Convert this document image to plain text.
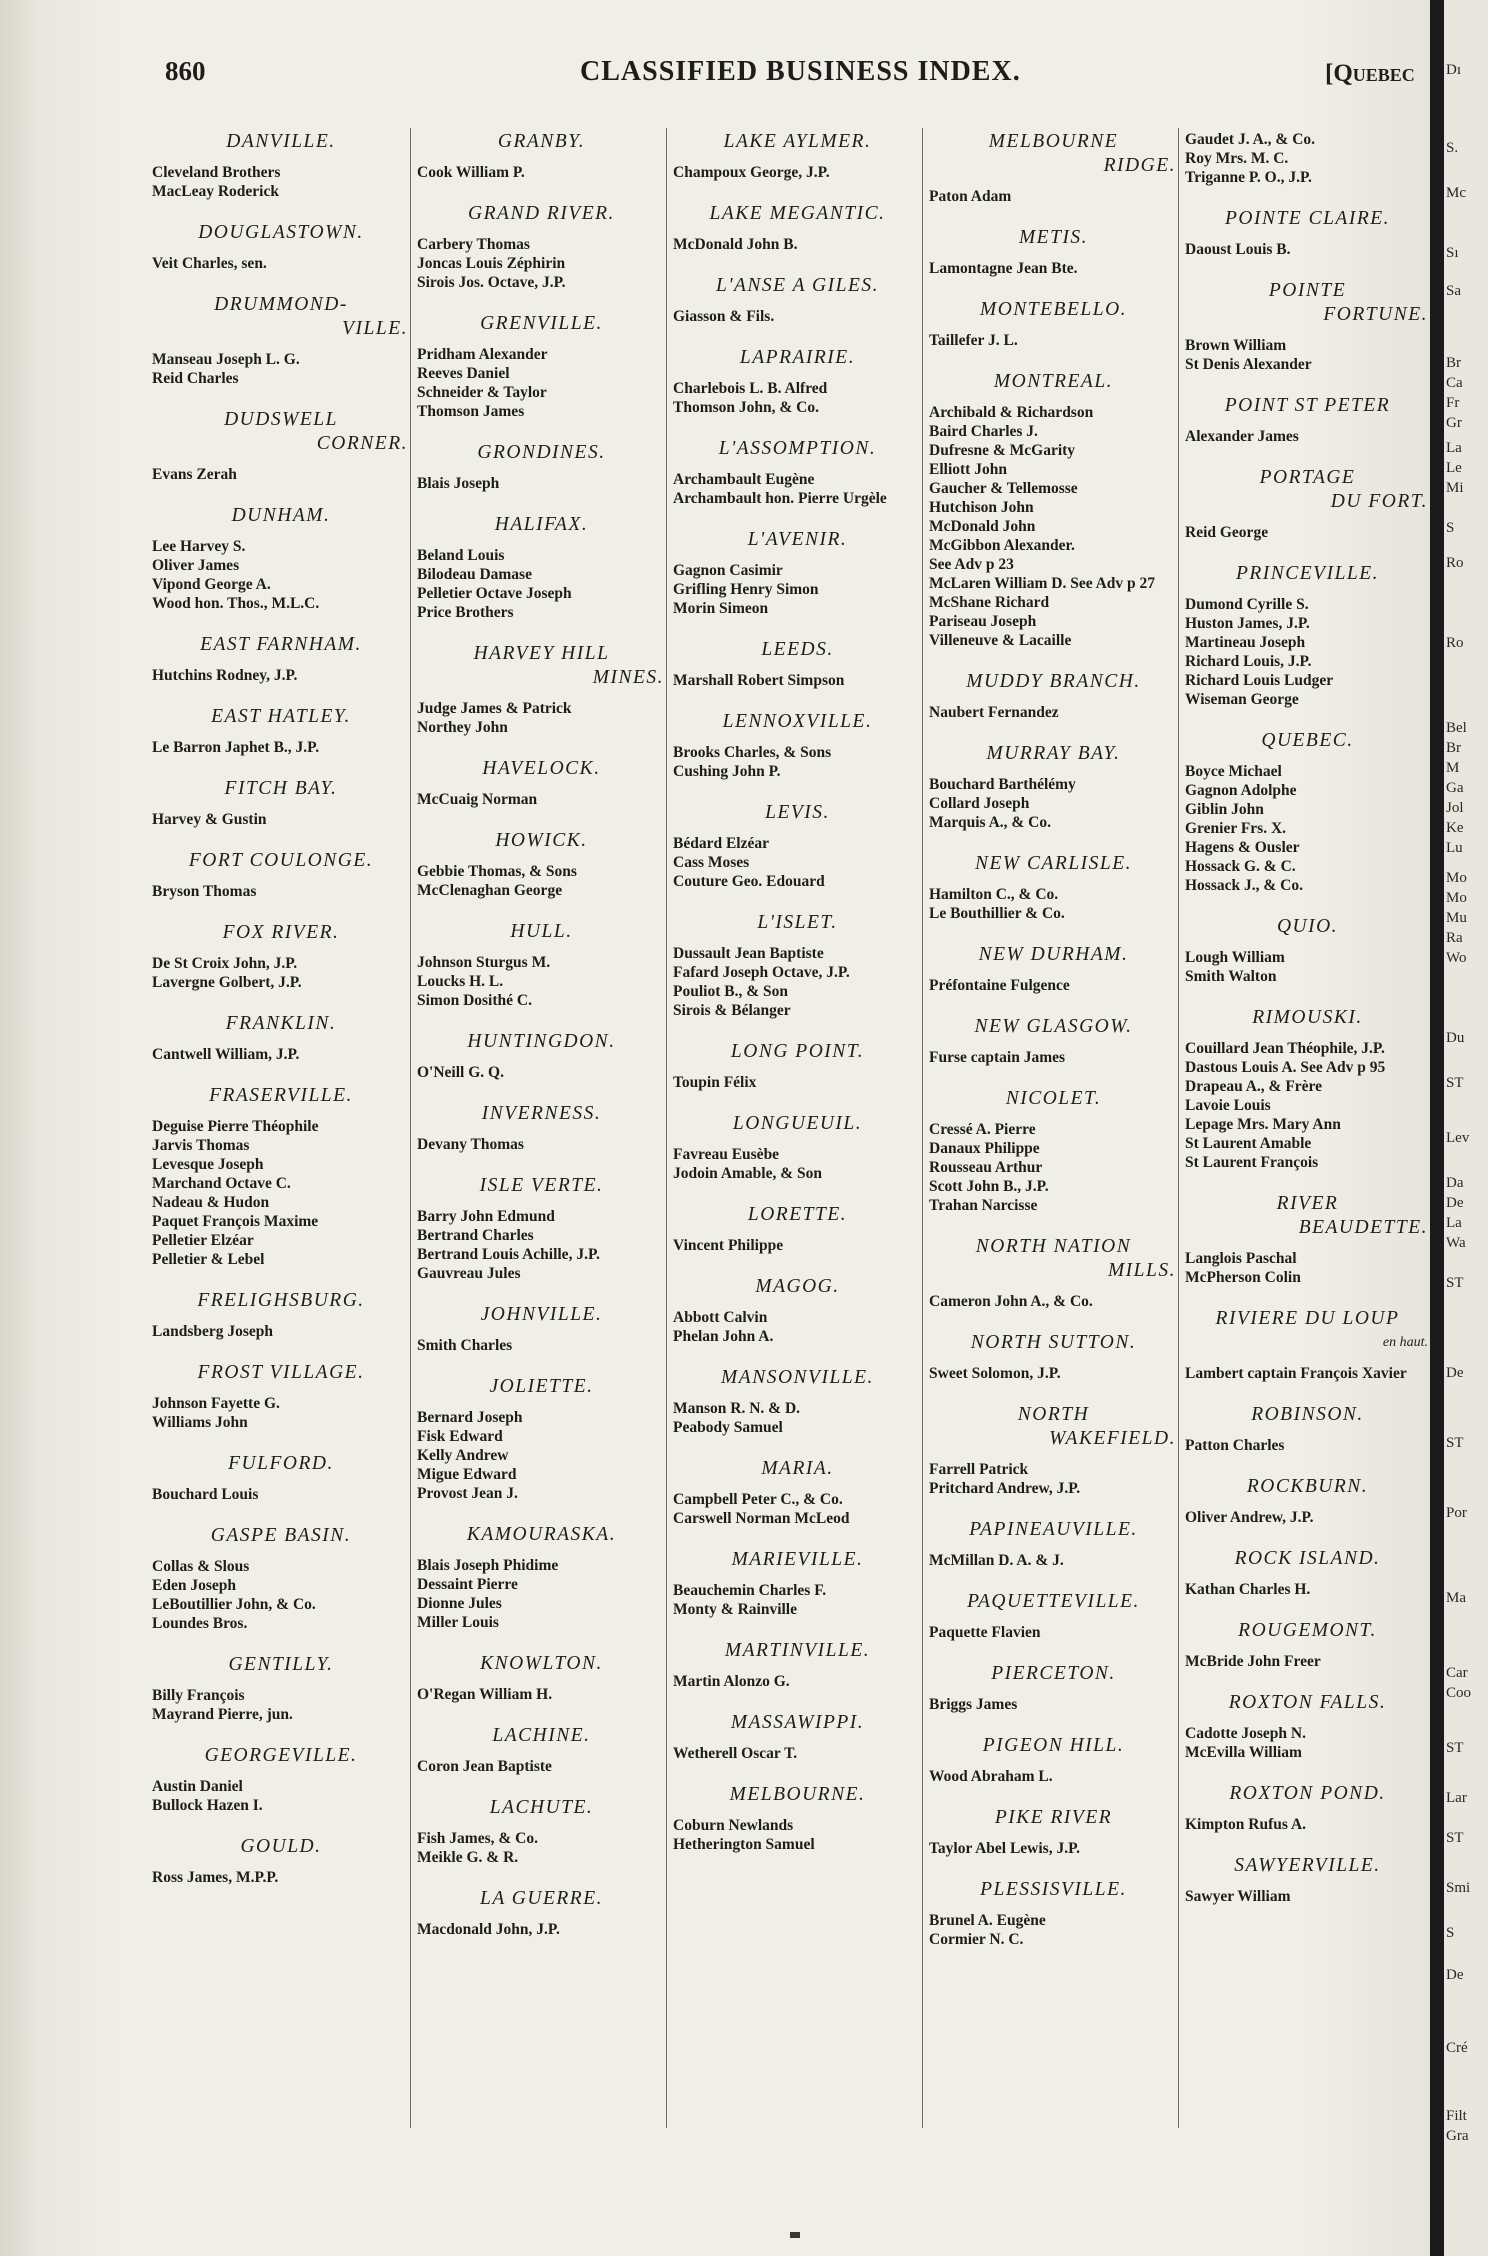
860	CLASSIFIED BUSINESS INDEX.	[Quebec
DANVILLE.
Cleveland Brothers
MacLeay Roderick
DOUGLASTOWN.
Veit Charles, sen.
DRUMMOND-
VILLE.
Manseau Joseph L. G.
Reid Charles
DUDSWELL
CORNER.
Evans Zerah
DUNHAM.
Lee Harvey S.
Oliver James
Vipond George A.
Wood hon. Thos., M.L.C.
EAST FARNHAM.
Hutchins Rodney, J.P.
EAST HATLEY.
Le Barron Japhet B., J.P.
FITCH BAY.
Harvey & Gustin
FORT COULONGE.
Bryson Thomas
FOX RIVER.
De St Croix John, J.P.
Lavergne Golbert, J.P.
FRANKLIN.
Cantwell William, J.P.
FRASERVILLE.
Deguise Pierre Théophile
Jarvis Thomas
Levesque Joseph
Marchand Octave C.
Nadeau & Hudon
Paquet François Maxime
Pelletier Elzéar
Pelletier & Lebel
FRELIGHSBURG.
Landsberg Joseph
FROST VILLAGE.
Johnson Fayette G.
Williams John
FULFORD.
Bouchard Louis
GASPE BASIN.
Collas & Slous
Eden Joseph
LeBoutillier John, & Co.
Loundes Bros.
GENTILLY.
Billy François
Mayrand Pierre, jun.
GEORGEVILLE.
Austin Daniel
Bullock Hazen I.
GOULD.
Ross James, M.P.P.
GRANBY.
Cook William P.
GRAND RIVER.
Carbery Thomas
Joncas Louis Zéphirin
Sirois Jos. Octave, J.P.
GRENVILLE.
Pridham Alexander
Reeves Daniel
Schneider & Taylor
Thomson James
GRONDINES.
Blais Joseph
HALIFAX.
Beland Louis
Bilodeau Damase
Pelletier Octave Joseph
Price Brothers
HARVEY HILL
MINES.
Judge James & Patrick
Northey John
HAVELOCK.
McCuaig Norman
HOWICK.
Gebbie Thomas, & Sons
McClenaghan George
HULL.
Johnson Sturgus M.
Loucks H. L.
Simon Dosithé C.
HUNTINGDON.
O'Neill G. Q.
INVERNESS.
Devany Thomas
ISLE VERTE.
Barry John Edmund
Bertrand Charles
Bertrand Louis Achille, J.P.
Gauvreau Jules
JOHNVILLE.
Smith Charles
JOLIETTE.
Bernard Joseph
Fisk Edward
Kelly Andrew
Migue Edward
Provost Jean J.
KAMOURASKA.
Blais Joseph Phidime
Dessaint Pierre
Dionne Jules
Miller Louis
KNOWLTON.
O'Regan William H.
LACHINE.
Coron Jean Baptiste
LACHUTE.
Fish James, & Co.
Meikle G. & R.
LA GUERRE.
Macdonald John, J.P.
LAKE AYLMER.
Champoux George, J.P.
LAKE MEGANTIC.
McDonald John B.
L'ANSE A GILES.
Giasson & Fils.
LAPRAIRIE.
Charlebois L. B. Alfred
Thomson John, & Co.
L'ASSOMPTION.
Archambault Eugène
Archambault hon. Pierre Urgèle
L'AVENIR.
Gagnon Casimir
Grifling Henry Simon
Morin Simeon
LEEDS.
Marshall Robert Simpson
LENNOXVILLE.
Brooks Charles, & Sons
Cushing John P.
LEVIS.
Bédard Elzéar
Cass Moses
Couture Geo. Edouard
L'ISLET.
Dussault Jean Baptiste
Fafard Joseph Octave, J.P.
Pouliot B., & Son
Sirois & Bélanger
LONG POINT.
Toupin Félix
LONGUEUIL.
Favreau Eusèbe
Jodoin Amable, & Son
LORETTE.
Vincent Philippe
MAGOG.
Abbott Calvin
Phelan John A.
MANSONVILLE.
Manson R. N. & D.
Peabody Samuel
MARIA.
Campbell Peter C., & Co.
Carswell Norman McLeod
MARIEVILLE.
Beauchemin Charles F.
Monty & Rainville
MARTINVILLE.
Martin Alonzo G.
MASSAWIPPI.
Wetherell Oscar T.
MELBOURNE.
Coburn Newlands
Hetherington Samuel
MELBOURNE
RIDGE.
Paton Adam
METIS.
Lamontagne Jean Bte.
MONTEBELLO.
Taillefer J. L.
MONTREAL.
Archibald & Richardson
Baird Charles J.
Dufresne & McGarity
Elliott John
Gaucher & Tellemosse
Hutchison John
McDonald John
McGibbon Alexander.
See Adv p 23
McLaren William D. See Adv p 27
McShane Richard
Pariseau Joseph
Villeneuve & Lacaille
MUDDY BRANCH.
Naubert Fernandez
MURRAY BAY.
Bouchard Barthélémy
Collard Joseph
Marquis A., & Co.
NEW CARLISLE.
Hamilton C., & Co.
Le Bouthillier & Co.
NEW DURHAM.
Préfontaine Fulgence
NEW GLASGOW.
Furse captain James
NICOLET.
Cressé A. Pierre
Danaux Philippe
Rousseau Arthur
Scott John B., J.P.
Trahan Narcisse
NORTH NATION
MILLS.
Cameron John A., & Co.
NORTH SUTTON.
Sweet Solomon, J.P.
NORTH
WAKEFIELD.
Farrell Patrick
Pritchard Andrew, J.P.
PAPINEAUVILLE.
McMillan D. A. & J.
PAQUETTEVILLE.
Paquette Flavien
PIERCETON.
Briggs James
PIGEON HILL.
Wood Abraham L.
PIKE RIVER
Taylor Abel Lewis, J.P.
PLESSISVILLE.
Brunel A. Eugène
Cormier N. C.
Gaudet J. A., & Co.
Roy Mrs. M. C.
Triganne P. O., J.P.
POINTE CLAIRE.
Daoust Louis B.
POINTE
FORTUNE.
Brown William
St Denis Alexander
POINT ST PETER
Alexander James
PORTAGE
DU FORT.
Reid George
PRINCEVILLE.
Dumond Cyrille S.
Huston James, J.P.
Martineau Joseph
Richard Louis, J.P.
Richard Louis Ludger
Wiseman George
QUEBEC.
Boyce Michael
Gagnon Adolphe
Giblin John
Grenier Frs. X.
Hagens & Ousler
Hossack G. & C.
Hossack J., & Co.
QUIO.
Lough William
Smith Walton
RIMOUSKI.
Couillard Jean Théophile, J.P.
Dastous Louis A. See Adv p 95
Drapeau A., & Frère
Lavoie Louis
Lepage Mrs. Mary Ann
St Laurent Amable
St Laurent François
RIVER
BEAUDETTE.
Langlois Paschal
McPherson Colin
RIVIERE DU LOUP
en haut.
Lambert captain François Xavier
ROBINSON.
Patton Charles
ROCKBURN.
Oliver Andrew, J.P.
ROCK ISLAND.
Kathan Charles H.
ROUGEMONT.
McBride John Freer
ROXTON FALLS.
Cadotte Joseph N.
McEvilla William
ROXTON POND.
Kimpton Rufus A.
SAWYERVILLE.
Sawyer William
Dı
S.
Mc
Sı
Sa
Br
Ca
Fr
Gr
La
Le
Mi
S
Ro
Ro
Bel
Br
M
Ga
Jol
Ke
Lu
Mo
Mo
Mu
Ra
Wo
Du
ST
Lev
Da
De
La
Wa
ST
De
ST
Por
Ma
Car
Coo
ST
Lar
ST
Smi
S
De
Cré
Filt
Gra
